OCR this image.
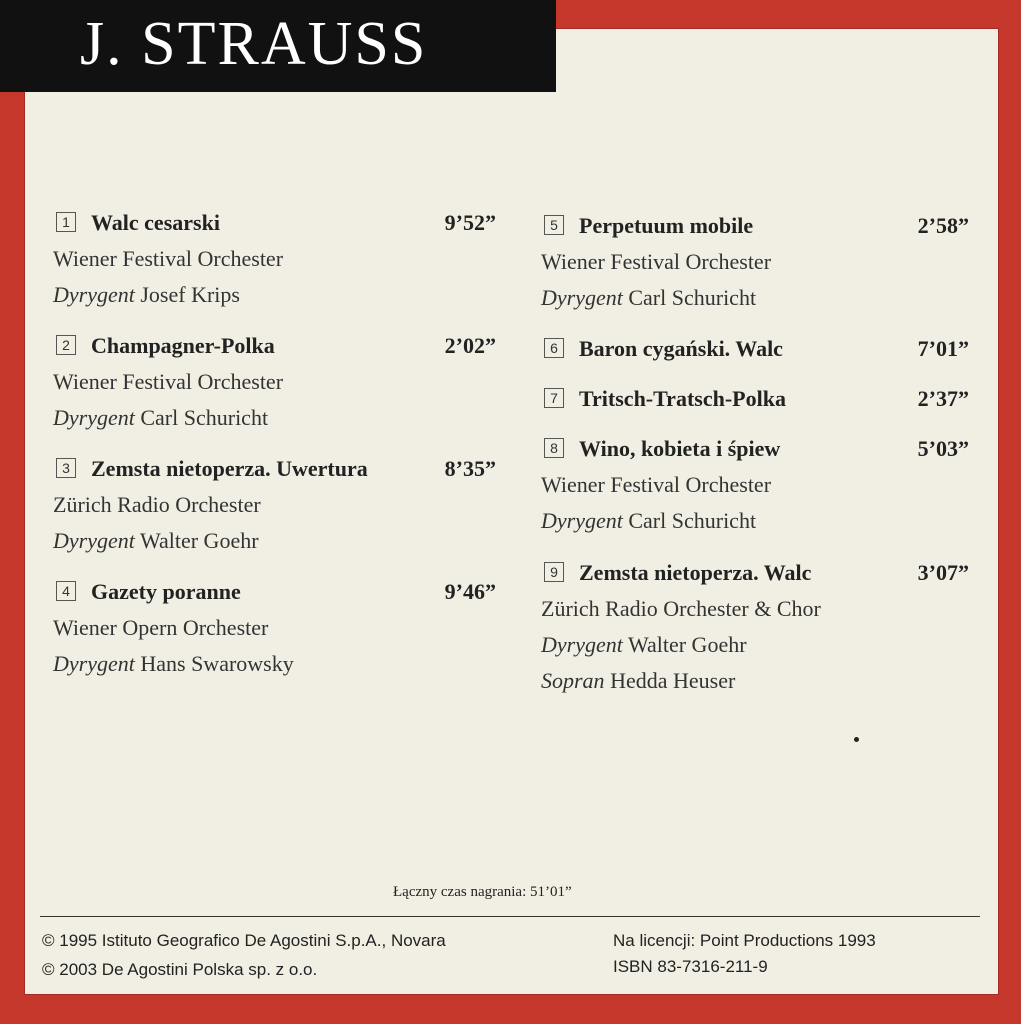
J. STRAUSS
1 Walc cesarski	9’52”
Wiener Festival Orchester
Dyrygent Josef Krips
2 Champagner-Polka	2’02”
Wiener Festival Orchester
Dyrygent Carl Schuricht
3 Zemsta nietoperza. Uwertura	8’35”
Zürich Radio Orchester
Dyrygent Walter Goehr
4 Gazety poranne	9’46”
Wiener Opern Orchester
Dyrygent Hans Swarowsky
5 Perpetuum mobile	2’58”
Wiener Festival Orchester
Dyrygent Carl Schuricht
6 Baron cygański. Walc	7’01”
7 Tritsch-Tratsch-Polka	2’37”
8 Wino, kobieta i śpiew	5’03”
Wiener Festival Orchester
Dyrygent Carl Schuricht
9 Zemsta nietoperza. Walc	3’07”
Zürich Radio Orchester & Chor
Dyrygent Walter Goehr
Sopran Hedda Heuser
Łączny czas nagrania: 51’01”
© 1995 Istituto Geografico De Agostini S.p.A., Novara
© 2003 De Agostini Polska sp. z o.o.
Na licencji: Point Productions 1993
ISBN 83-7316-211-9
